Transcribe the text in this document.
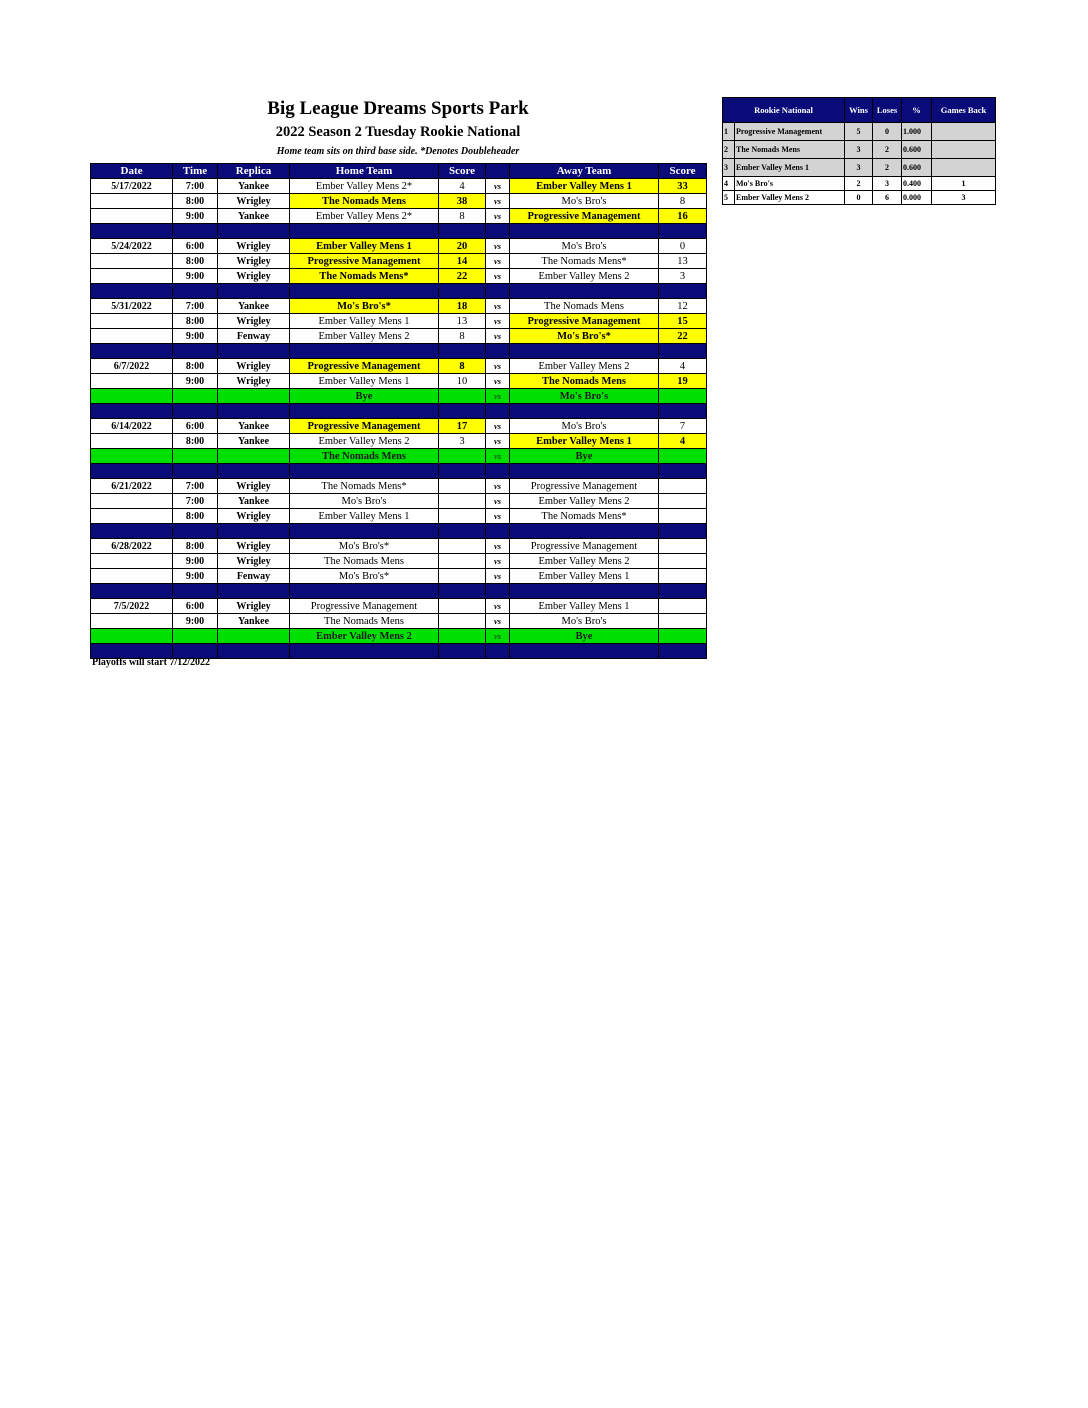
Big League Dreams Sports Park
2022 Season 2 Tuesday Rookie National
Home team sits on third base side. *Denotes Doubleheader
Date	Time	Replica	Home Team	Score		Away Team	Score
5/17/2022	7:00	Yankee	Ember Valley Mens 2*	4	vs	Ember Valley Mens 1	33
	8:00	Wrigley	The Nomads Mens	38	vs	Mo's Bro's	8
	9:00	Yankee	Ember Valley Mens 2*	8	vs	Progressive Management	16

5/24/2022	6:00	Wrigley	Ember Valley Mens 1	20	vs	Mo's Bro's	0
	8:00	Wrigley	Progressive Management	14	vs	The Nomads Mens*	13
	9:00	Wrigley	The Nomads Mens*	22	vs	Ember Valley Mens 2	3

5/31/2022	7:00	Yankee	Mo's Bro's*	18	vs	The Nomads Mens	12
	8:00	Wrigley	Ember Valley Mens 1	13	vs	Progressive Management	15
	9:00	Fenway	Ember Valley Mens 2	8	vs	Mo's Bro's*	22

6/7/2022	8:00	Wrigley	Progressive Management	8	vs	Ember Valley Mens 2	4
	9:00	Wrigley	Ember Valley Mens 1	10	vs	The Nomads Mens	19
			Bye		vs	Mo's Bro's	

6/14/2022	6:00	Yankee	Progressive Management	17	vs	Mo's Bro's	7
	8:00	Yankee	Ember Valley Mens 2	3	vs	Ember Valley Mens 1	4
			The Nomads Mens		vs	Bye	

6/21/2022	7:00	Wrigley	The Nomads Mens*		vs	Progressive Management	
	7:00	Yankee	Mo's Bro's		vs	Ember Valley Mens 2	
	8:00	Wrigley	Ember Valley Mens 1		vs	The Nomads Mens*	

6/28/2022	8:00	Wrigley	Mo's Bro's*		vs	Progressive Management	
	9:00	Wrigley	The Nomads Mens		vs	Ember Valley Mens 2	
	9:00	Fenway	Mo's Bro's*		vs	Ember Valley Mens 1	

7/5/2022	6:00	Wrigley	Progressive Management		vs	Ember Valley Mens 1	
	9:00	Yankee	The Nomads Mens		vs	Mo's Bro's	
			Ember Valley Mens 2		vs	Bye	

Playoffs will start 7/12/2022
Rookie National		Wins	Loses	%	Games Back
1	Progressive Management	5	0	1.000	
2	The Nomads Mens	3	2	0.600	
3	Ember Valley Mens 1	3	2	0.600	
4	Mo's Bro's	2	3	0.400	1
5	Ember Valley Mens 2	0	6	0.000	3
